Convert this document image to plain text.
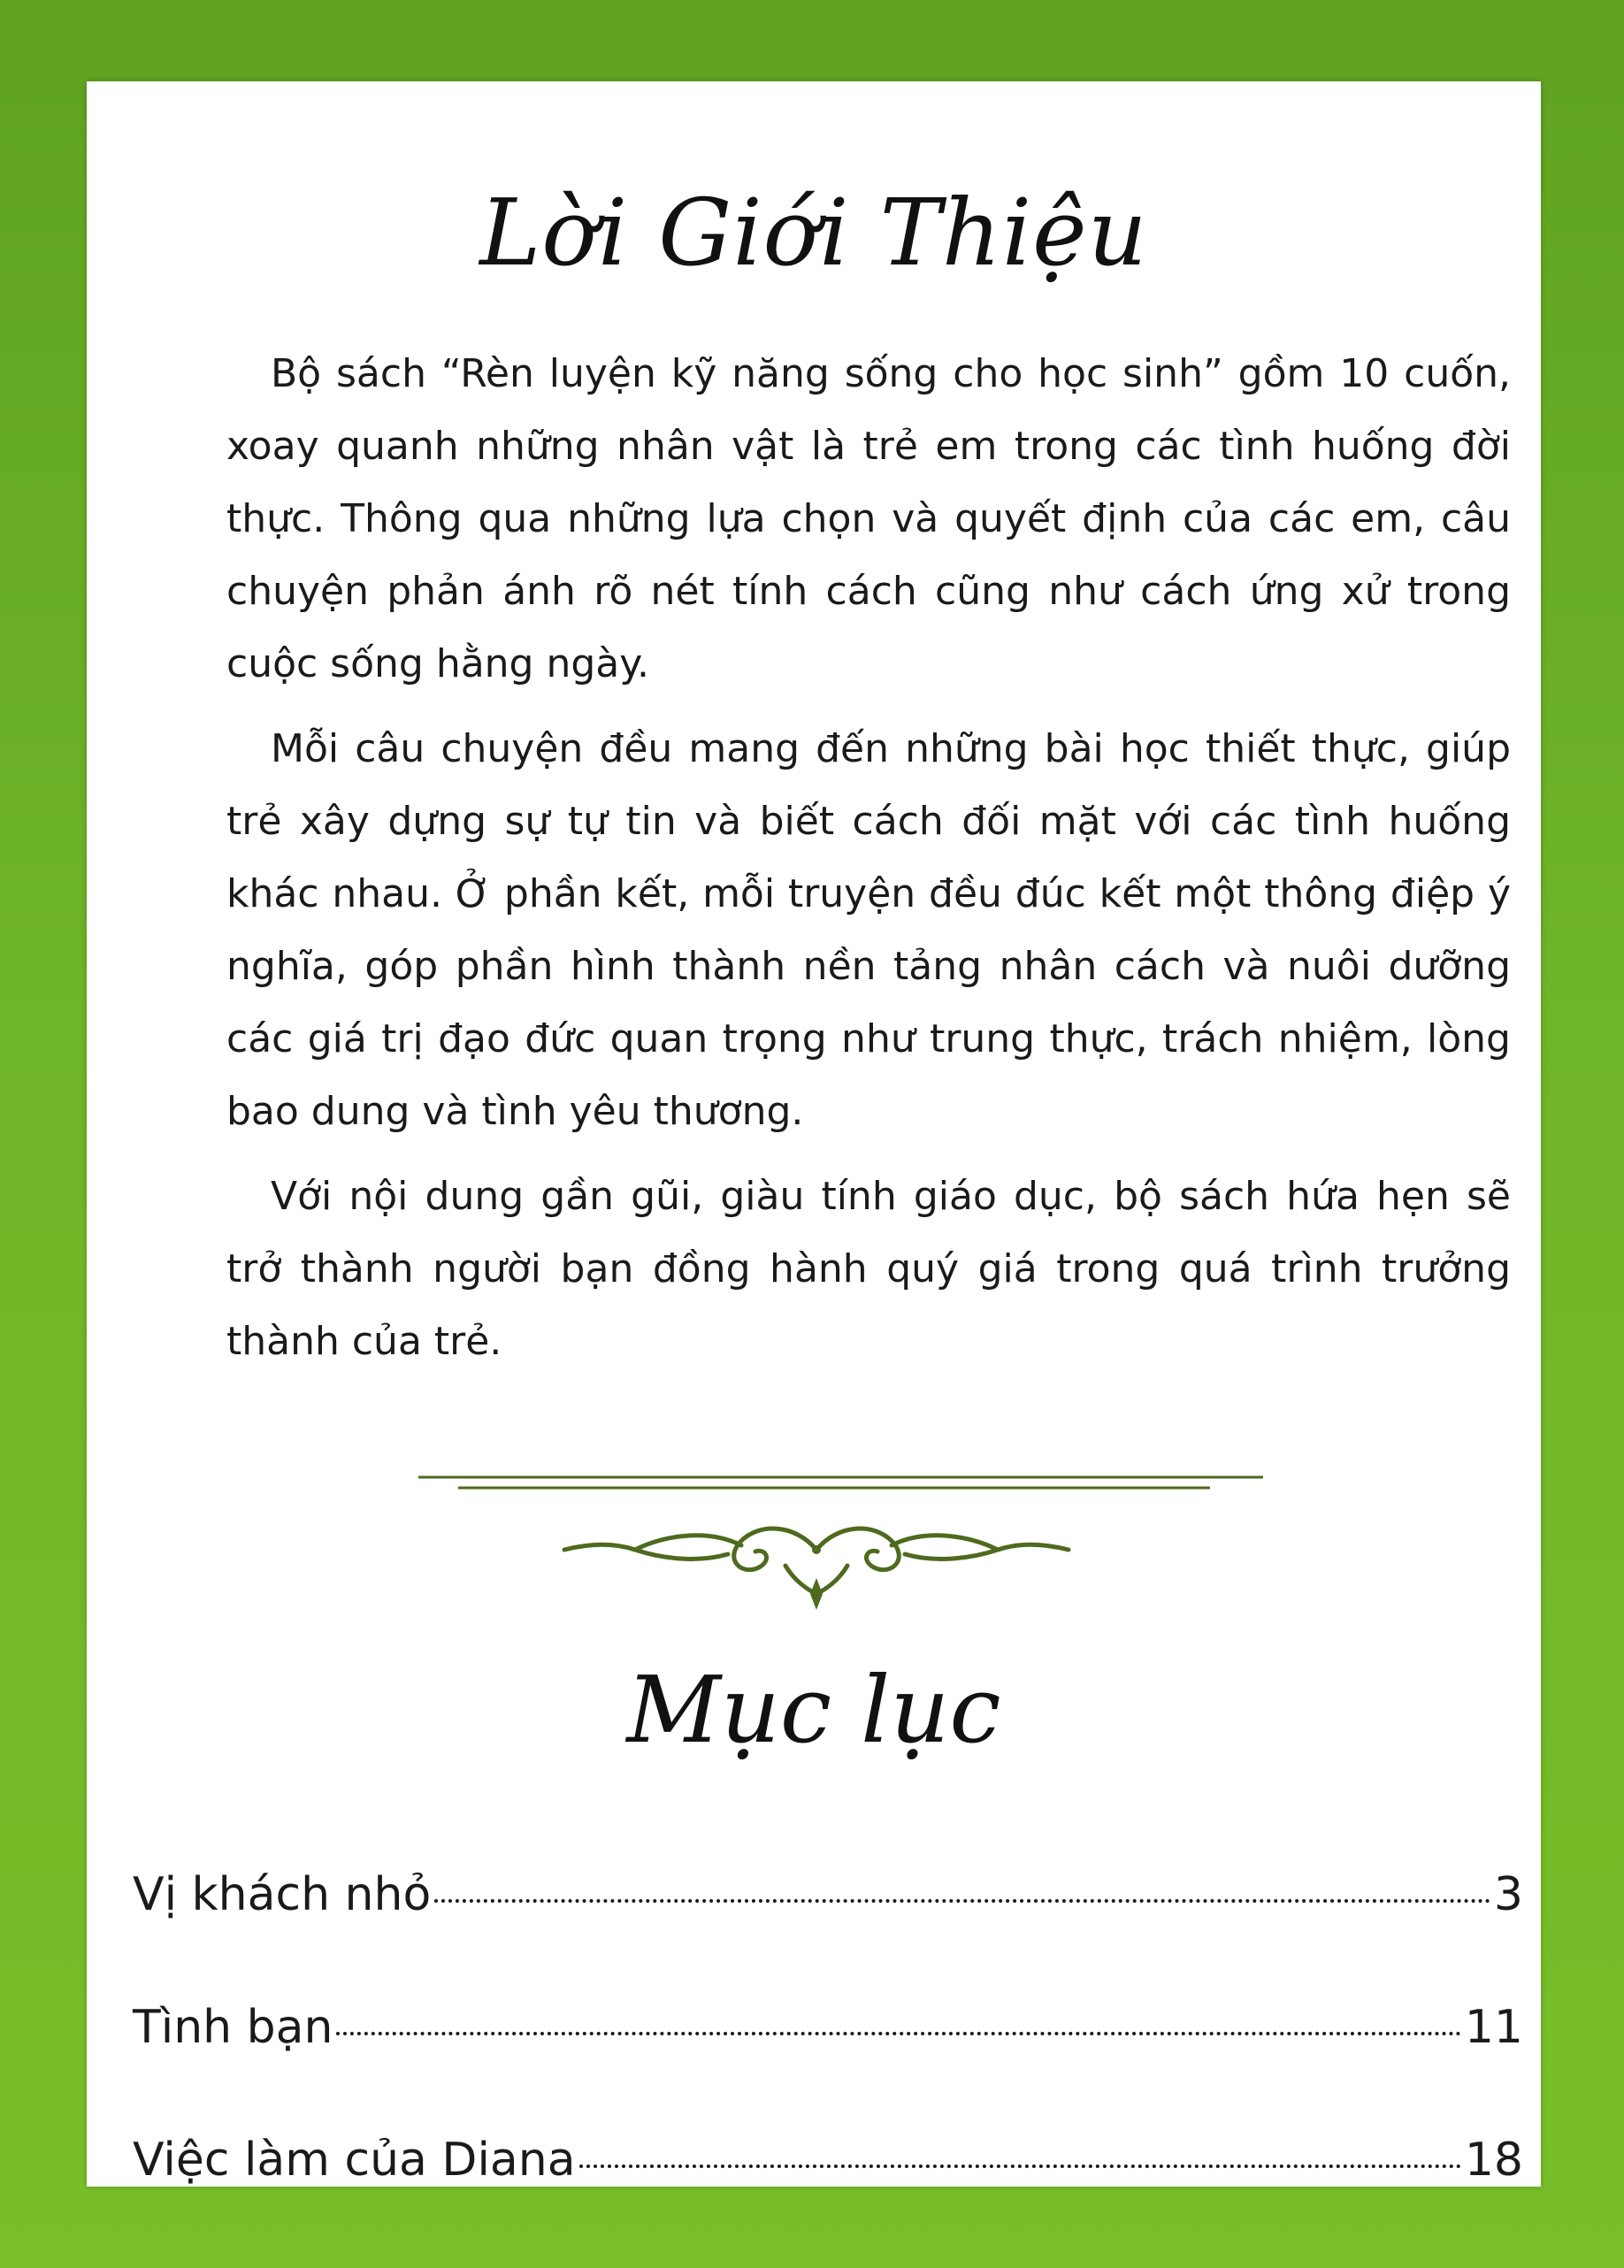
Lời Giới Thiệu

Bộ sách “Rèn luyện kỹ năng sống cho học sinh” gồm 10 cuốn, xoay quanh những nhân vật là trẻ em trong các tình huống đời thực. Thông qua những lựa chọn và quyết định của các em, câu chuyện phản ánh rõ nét tính cách cũng như cách ứng xử trong cuộc sống hằng ngày.

Mỗi câu chuyện đều mang đến những bài học thiết thực, giúp trẻ xây dựng sự tự tin và biết cách đối mặt với các tình huống khác nhau. Ở phần kết, mỗi truyện đều đúc kết một thông điệp ý nghĩa, góp phần hình thành nền tảng nhân cách và nuôi dưỡng các giá trị đạo đức quan trọng như trung thực, trách nhiệm, lòng bao dung và tình yêu thương.

Với nội dung gần gũi, giàu tính giáo dục, bộ sách hứa hẹn sẽ trở thành người bạn đồng hành quý giá trong quá trình trưởng thành của trẻ.

Mục lục
Vị khách nhỏ	3
Tình bạn	11
Việc làm của Diana	18
